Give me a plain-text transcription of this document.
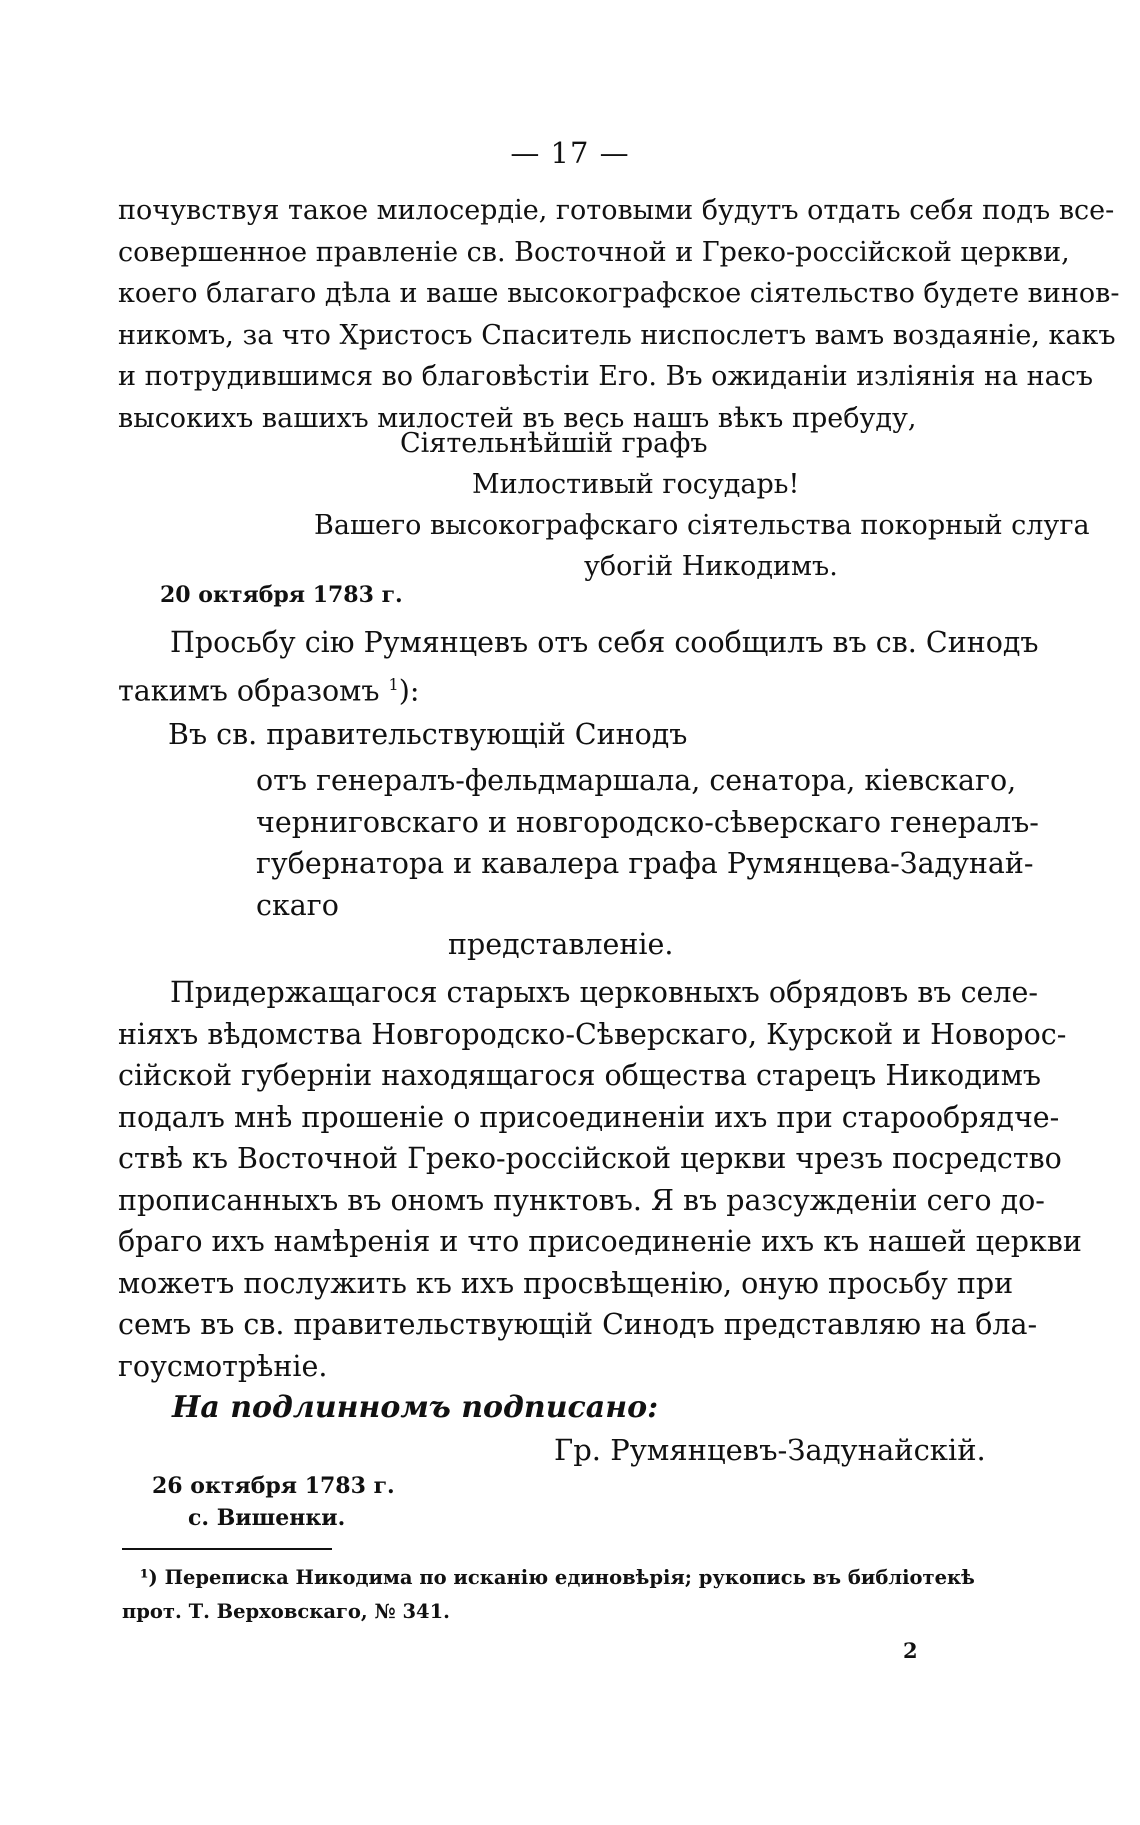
— 17 —
почувствуя такое милосердіе, готовыми будутъ отдать себя подъ все-
совершенное правленіе св. Восточной и Греко-россійской церкви,
коего благаго дѣла и ваше высокографское сіятельство будете винов-
никомъ, за что Христосъ Спаситель ниспослетъ вамъ воздаяніе, какъ
и потрудившимся во благовѣстіи Его. Въ ожиданіи изліянія на насъ
высокихъ вашихъ милостей въ весь нашъ вѣкъ пребуду,

Сіятельнѣйшій графъ

Милостивый государь!

Вашего высокографскаго сіятельства покорный слуга

убогій Никодимъ.

20 октября 1783 г.

Просьбу сію Румянцевъ отъ себя сообщилъ въ св. Синодъ
такимъ образомъ $^1$):

Въ св. правительствующій Синодъ

отъ генералъ-фельдмаршала, сенатора, кіевскаго,
черниговскаго и новгородско-сѣверскаго генералъ-
губернатора и кавалера графа Румянцева-Задунай-
скаго

представленіе.

Придержащагося старыхъ церковныхъ обрядовъ въ селе-
ніяхъ вѣдомства Новгородско-Сѣверскаго, Курской и Новорос-
сійской губерніи находящагося общества старецъ Никодимъ
подалъ мнѣ прошеніе о присоединеніи ихъ при старообрядче-
ствѣ къ Восточной Греко-россійской церкви чрезъ посредство
прописанныхъ въ ономъ пунктовъ. Я въ разсужденіи сего до-
браго ихъ намѣренія и что присоединеніе ихъ къ нашей церкви
можетъ послужить къ ихъ просвѣщенію, оную просьбу при
семъ въ св. правительствующій Синодъ представляю на бла-
гоусмотрѣніе.

На подлинномъ подписано:

Гр. Румянцевъ-Задунайскій.

26 октября 1783 г.

с. Вишенки.

¹) Переписка Никодима по исканію единовѣрія; рукопись въ библіотекѣ

прот. Т. Верховскаго, № 341.

2
